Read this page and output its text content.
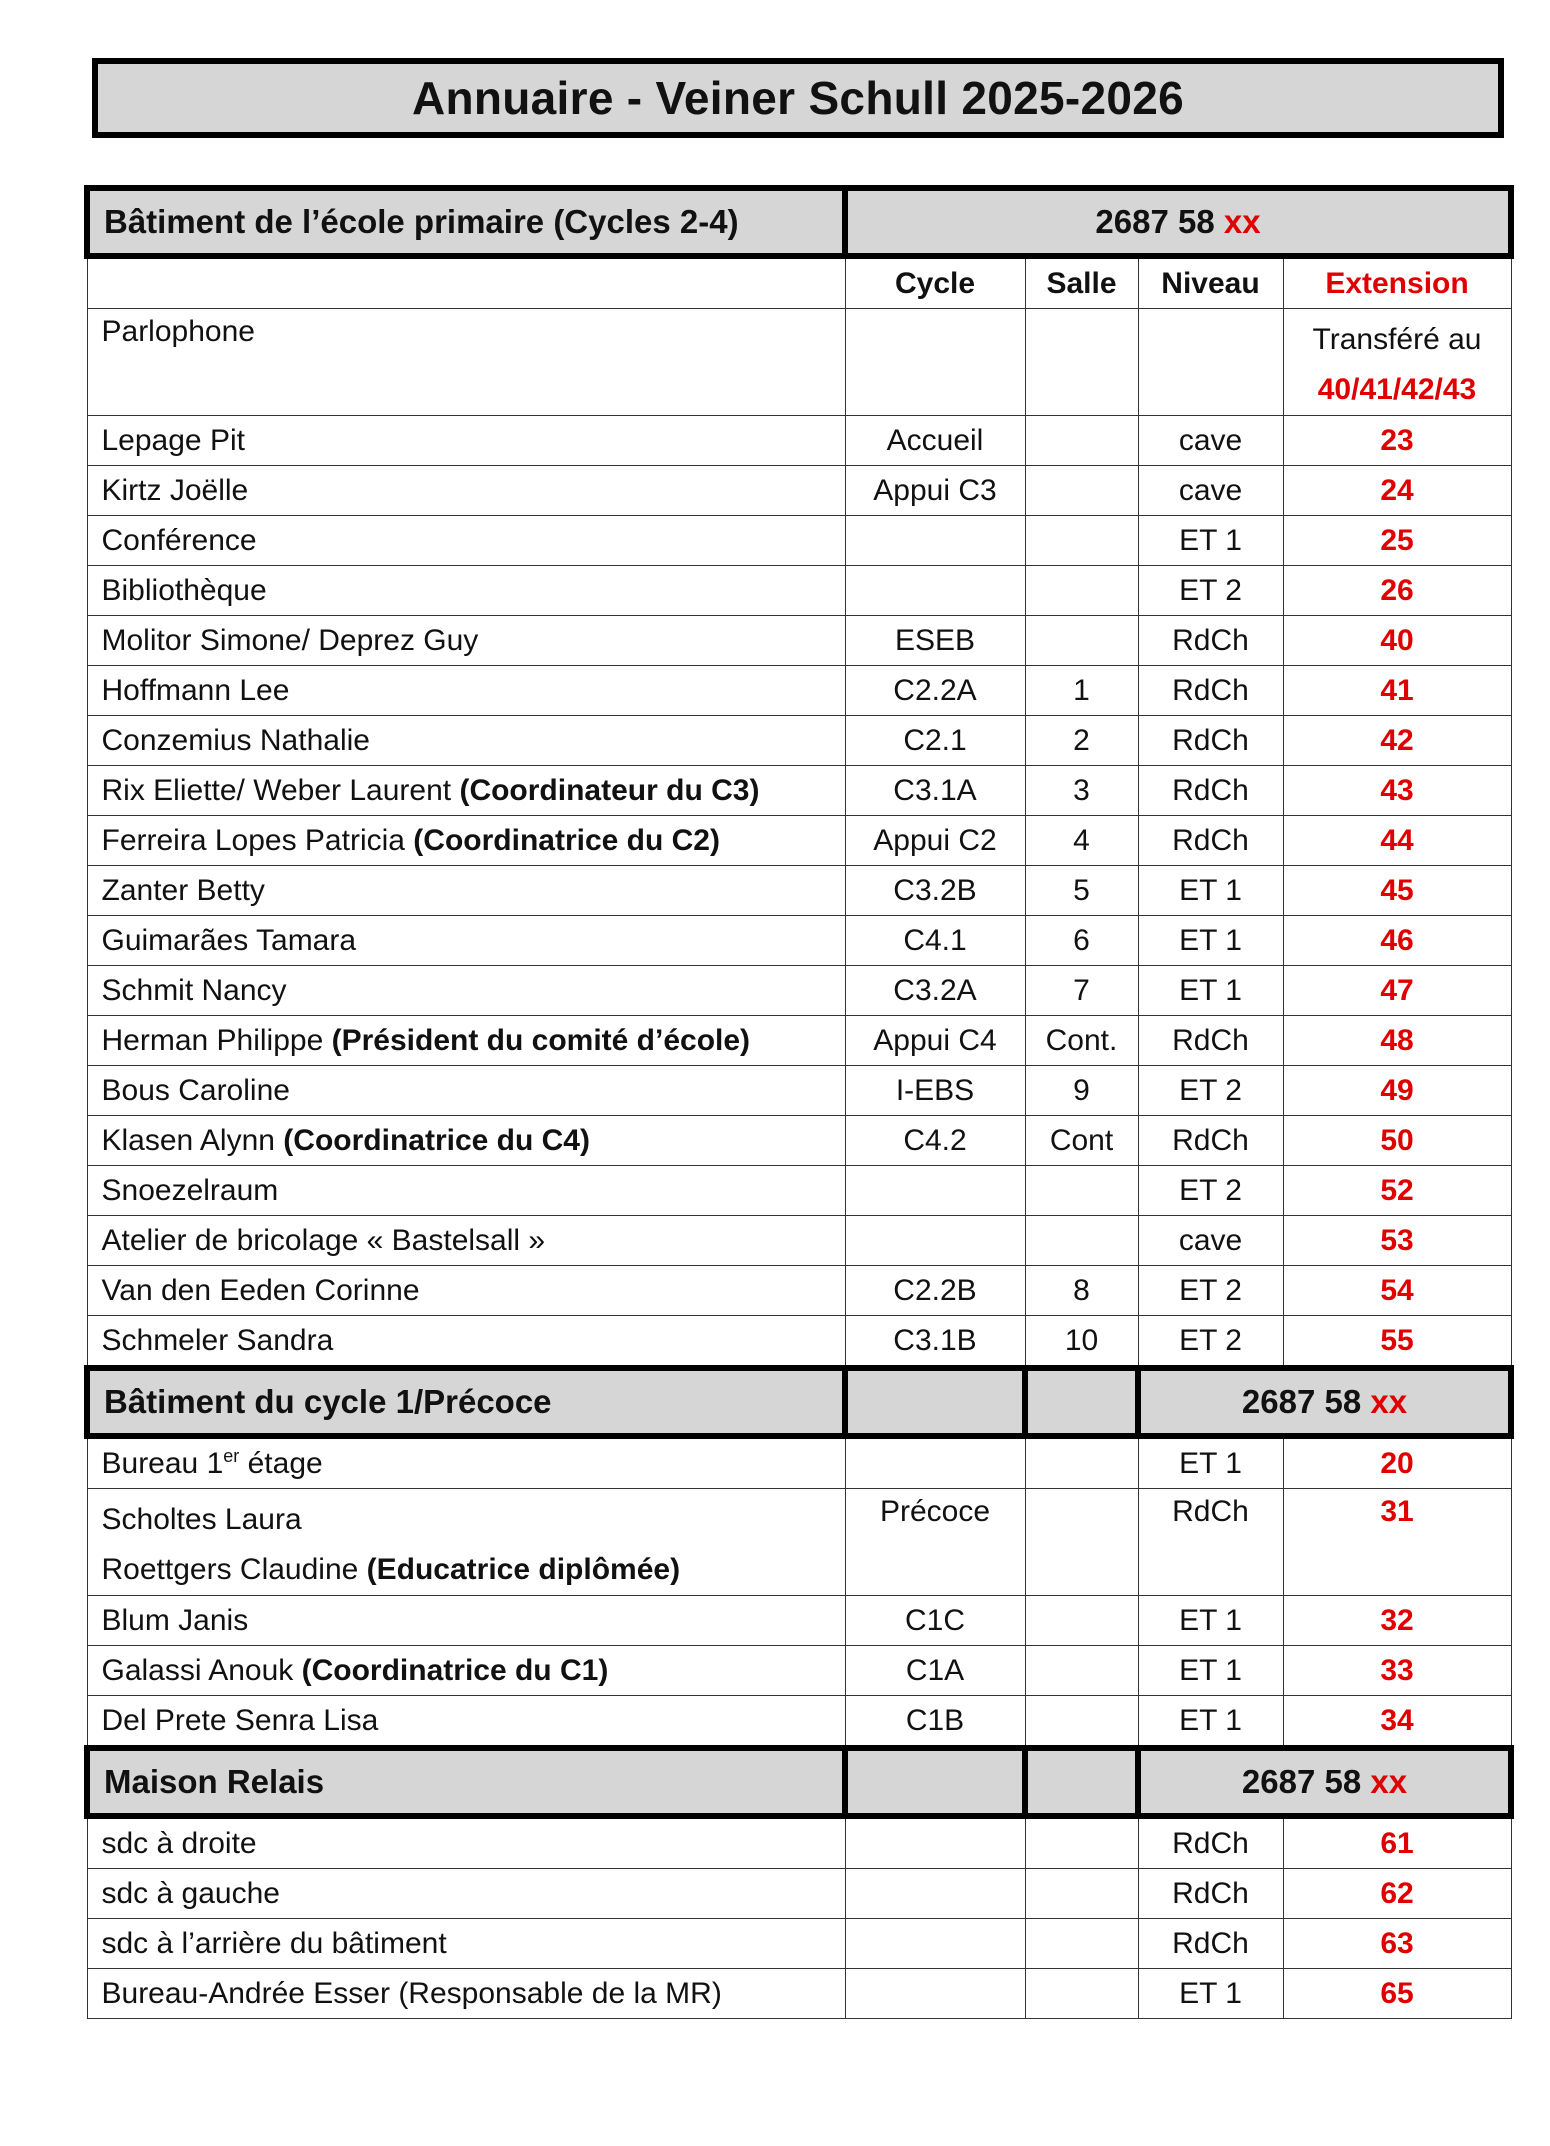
Annuaire - Veiner Schull 2025-2026
Bâtiment de l’école primaire (Cycles 2-4)	2687 58 xx			
	Cycle	Salle	Niveau	Extension
Parlophone				Transféré au
40/41/42/43

Lepage Pit	Accueil		cave	23
Kirtz Joëlle	Appui C3		cave	24
Conférence			ET 1	25
Bibliothèque			ET 2	26
Molitor Simone/ Deprez Guy	ESEB		RdCh	40
Hoffmann Lee	C2.2A	1	RdCh	41
Conzemius Nathalie	C2.1	2	RdCh	42
Rix Eliette/ Weber Laurent (Coordinateur du C3)	C3.1A	3	RdCh	43
Ferreira Lopes Patricia (Coordinatrice du C2)	Appui C2	4	RdCh	44
Zanter Betty	C3.2B	5	ET 1	45
Guimarães Tamara	C4.1	6	ET 1	46
Schmit Nancy	C3.2A	7	ET 1	47
Herman Philippe (Président du comité d’école)	Appui C4	Cont.	RdCh	48
Bous Caroline	I-EBS	9	ET 2	49
Klasen Alynn (Coordinatrice du C4)	C4.2	Cont	RdCh	50
Snoezelraum			ET 2	52
Atelier de bricolage « Bastelsall »			cave	53
Van den Eeden Corinne	C2.2B	8	ET 2	54
Schmeler Sandra	C3.1B	10	ET 2	55
Bâtiment du cycle 1/Précoce			2687 58 xx	
Bureau 1er étage			ET 1	20

Scholtes Laura
Roettgers Claudine (Educatrice diplômée)	Précoce		RdCh	31
Blum Janis	C1C		ET 1	32
Galassi Anouk (Coordinatrice du C1)	C1A		ET 1	33
Del Prete Senra Lisa	C1B		ET 1	34
Maison Relais			2687 58 xx	
sdc à droite			RdCh	61
sdc à gauche			RdCh	62
sdc à l’arrière du bâtiment			RdCh	63
Bureau-Andrée Esser (Responsable de la MR)			ET 1	65
